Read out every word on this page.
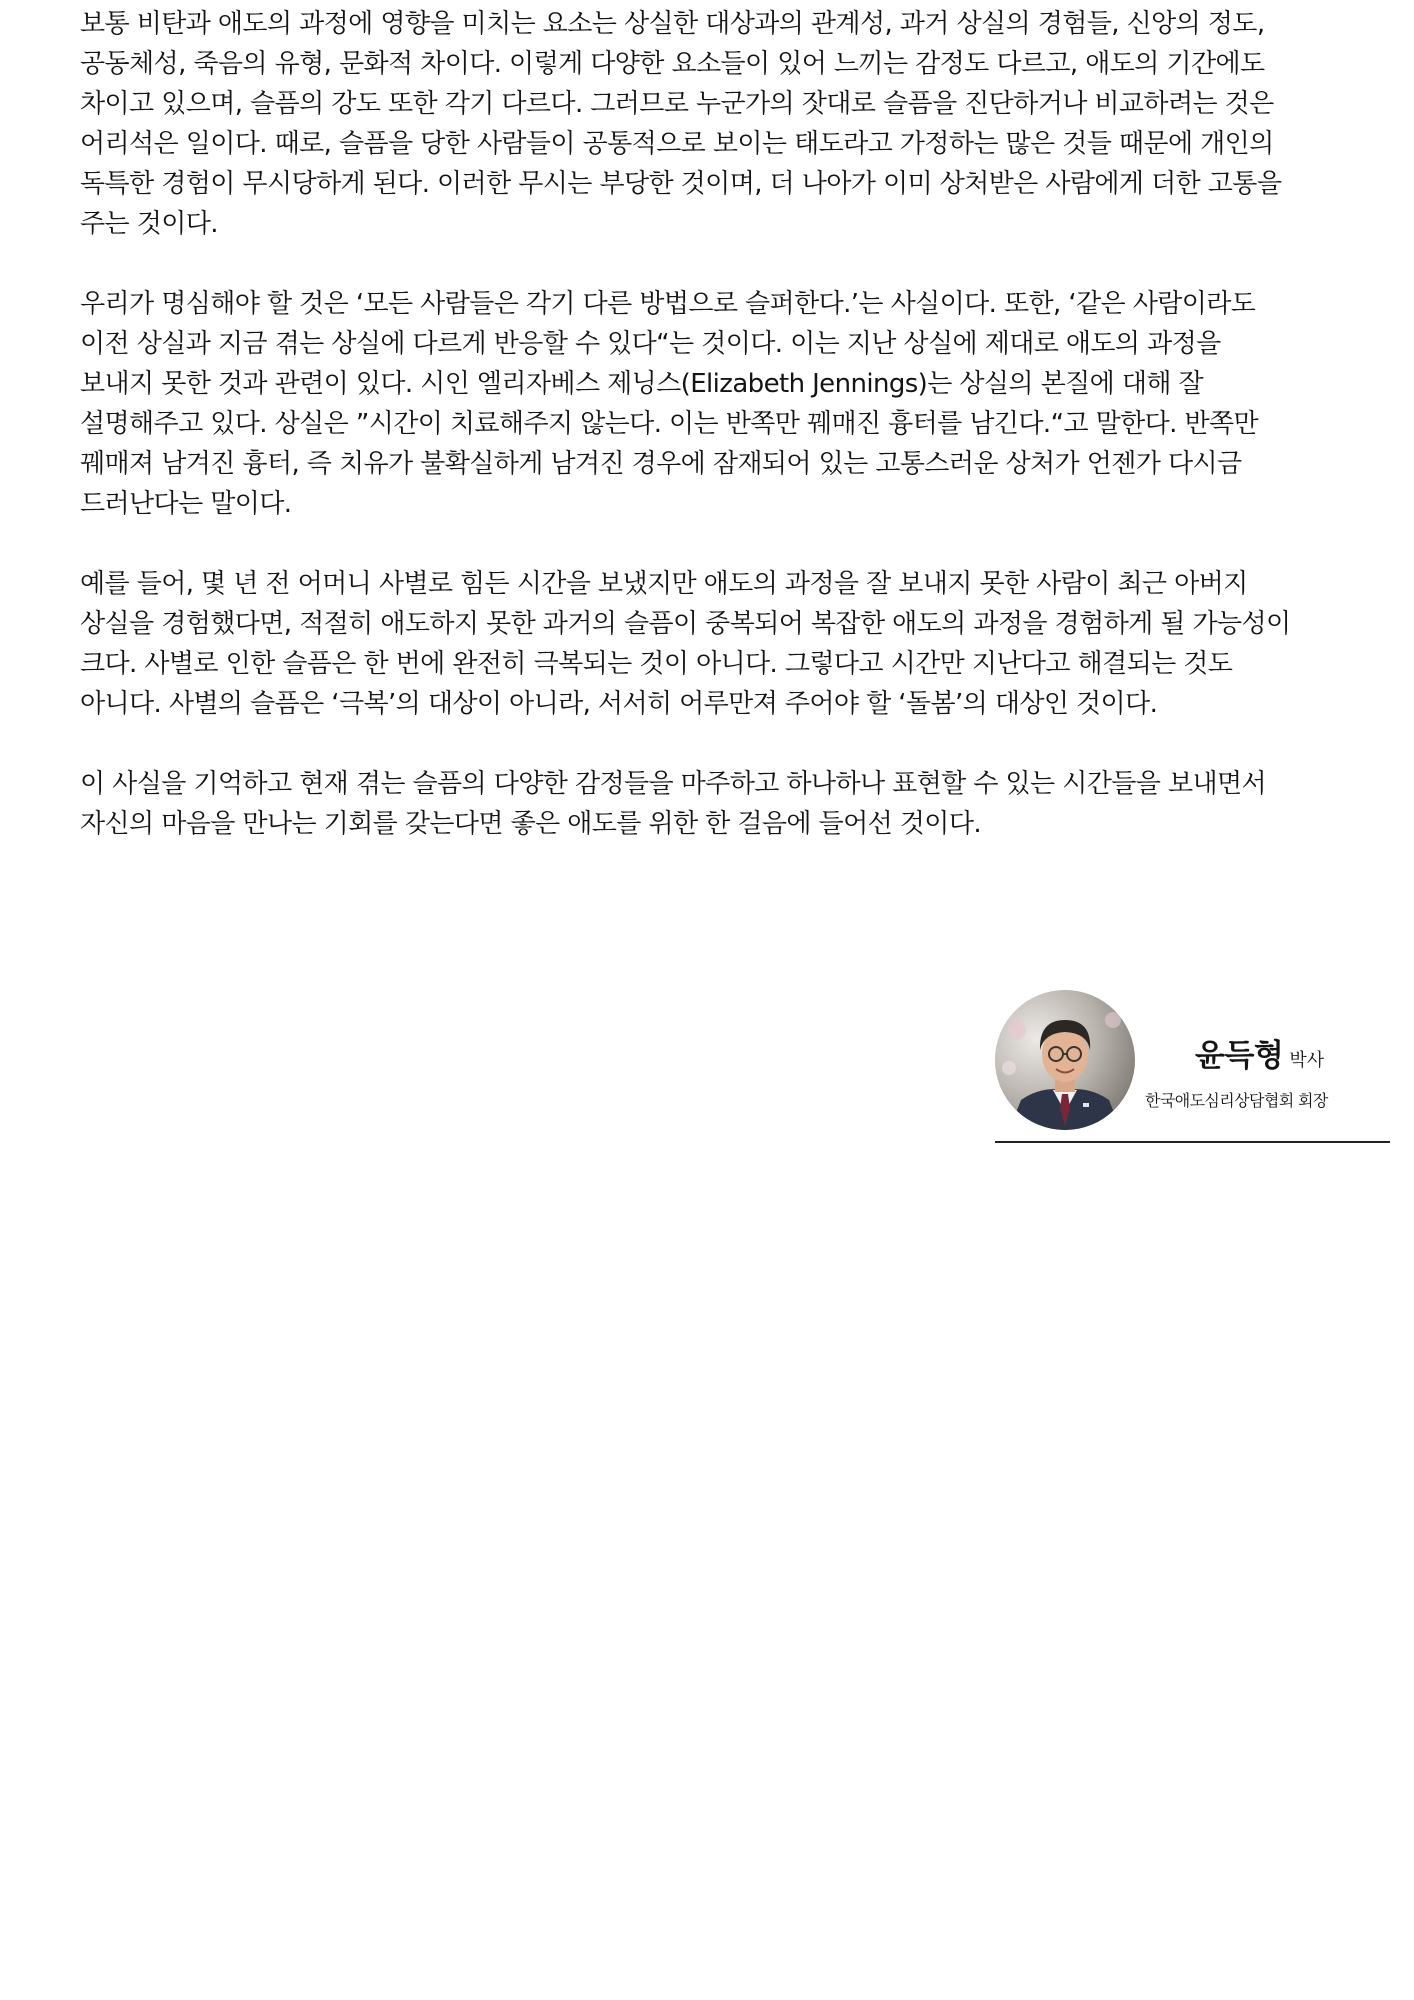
보통 비탄과 애도의 과정에 영향을 미치는 요소는 상실한 대상과의 관계성, 과거 상실의 경험들, 신앙의 정도, 공동체성, 죽음의 유형, 문화적 차이다. 이렇게 다양한 요소들이 있어 느끼는 감정도 다르고, 애도의 기간에도 차이고 있으며, 슬픔의 강도 또한 각기 다르다. 그러므로 누군가의 잣대로 슬픔을 진단하거나 비교하려는 것은 어리석은 일이다. 때로, 슬픔을 당한 사람들이 공통적으로 보이는 태도라고 가정하는 많은 것들 때문에 개인의 독특한 경험이 무시당하게 된다. 이러한 무시는 부당한 것이며, 더 나아가 이미 상처받은 사람에게 더한 고통을 주는 것이다.

우리가 명심해야 할 것은 ‘모든 사람들은 각기 다른 방법으로 슬퍼한다.’는 사실이다. 또한, ‘같은 사람이라도 이전 상실과 지금 겪는 상실에 다르게 반응할 수 있다“는 것이다. 이는 지난 상실에 제대로 애도의 과정을 보내지 못한 것과 관련이 있다. 시인 엘리자베스 제닝스(Elizabeth Jennings)는 상실의 본질에 대해 잘 설명해주고 있다. 상실은 ”시간이 치료해주지 않는다. 이는 반쪽만 꿰매진 흉터를 남긴다.“고 말한다. 반쪽만 꿰매져 남겨진 흉터, 즉 치유가 불확실하게 남겨진 경우에 잠재되어 있는 고통스러운 상처가 언젠가 다시금 드러난다는 말이다.

예를 들어, 몇 년 전 어머니 사별로 힘든 시간을 보냈지만 애도의 과정을 잘 보내지 못한 사람이 최근 아버지 상실을 경험했다면, 적절히 애도하지 못한 과거의 슬픔이 중복되어 복잡한 애도의 과정을 경험하게 될 가능성이 크다. 사별로 인한 슬픔은 한 번에 완전히 극복되는 것이 아니다. 그렇다고 시간만 지난다고 해결되는 것도 아니다. 사별의 슬픔은 ‘극복’의 대상이 아니라, 서서히 어루만져 주어야 할 ‘돌봄’의 대상인 것이다.

이 사실을 기억하고 현재 겪는 슬픔의 다양한 감정들을 마주하고 하나하나 표현할 수 있는 시간들을 보내면서 자신의 마음을 만나는 기회를 갖는다면 좋은 애도를 위한 한 걸음에 들어선 것이다.

윤득형 박사
한국애도심리상담협회 회장
